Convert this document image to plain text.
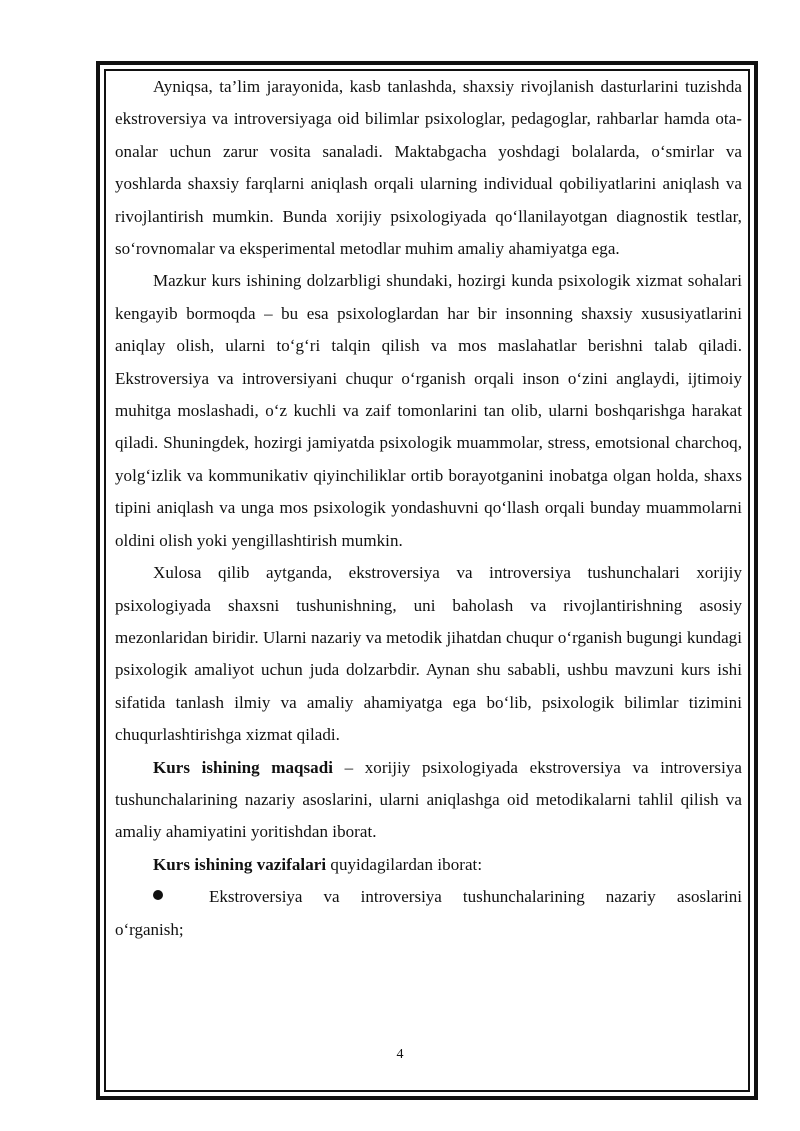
Ayniqsa, ta’lim jarayonida, kasb tanlashda, shaxsiy rivojlanish dasturlarini tuzishda ekstroversiya va introversiyaga oid bilimlar psixologlar, pedagoglar, rahbarlar hamda ota-onalar uchun zarur vosita sanaladi. Maktabgacha yoshdagi bolalarda, o‘smirlar va yoshlarda shaxsiy farqlarni aniqlash orqali ularning individual qobiliyatlarini aniqlash va rivojlantirish mumkin. Bunda xorijiy psixologiyada qo‘llanilayotgan diagnostik testlar, so‘rovnomalar va eksperimental metodlar muhim amaliy ahamiyatga ega.

Mazkur kurs ishining dolzarbligi shundaki, hozirgi kunda psixologik xizmat sohalari kengayib bormoqda – bu esa psixologlardan har bir insonning shaxsiy xususiyatlarini aniqlay olish, ularni to‘g‘ri talqin qilish va mos maslahatlar berishni talab qiladi. Ekstroversiya va introversiyani chuqur o‘rganish orqali inson o‘zini anglaydi, ijtimoiy muhitga moslashadi, o‘z kuchli va zaif tomonlarini tan olib, ularni boshqarishga harakat qiladi. Shuningdek, hozirgi jamiyatda psixologik muammolar, stress, emotsional charchoq, yolg‘izlik va kommunikativ qiyinchiliklar ortib borayotganini inobatga olgan holda, shaxs tipini aniqlash va unga mos psixologik yondashuvni qo‘llash orqali bunday muammolarni oldini olish yoki yengillashtirish mumkin.

Xulosa qilib aytganda, ekstroversiya va introversiya tushunchalari xorijiy psixologiyada shaxsni tushunishning, uni baholash va rivojlantirishning asosiy mezonlaridan biridir. Ularni nazariy va metodik jihatdan chuqur o‘rganish bugungi kundagi psixologik amaliyot uchun juda dolzarbdir. Aynan shu sababli, ushbu mavzuni kurs ishi sifatida tanlash ilmiy va amaliy ahamiyatga ega bo‘lib, psixologik bilimlar tizimini chuqurlashtirishga xizmat qiladi.

Kurs ishining maqsadi – xorijiy psixologiyada ekstroversiya va introversiya tushunchalarining nazariy asoslarini, ularni aniqlashga oid metodikalarni tahlil qilish va amaliy ahamiyatini yoritishdan iborat.

Kurs ishining vazifalari quyidagilardan iborat:

Ekstroversiya va introversiya tushunchalarining nazariy asoslarini
o‘rganish;
4
